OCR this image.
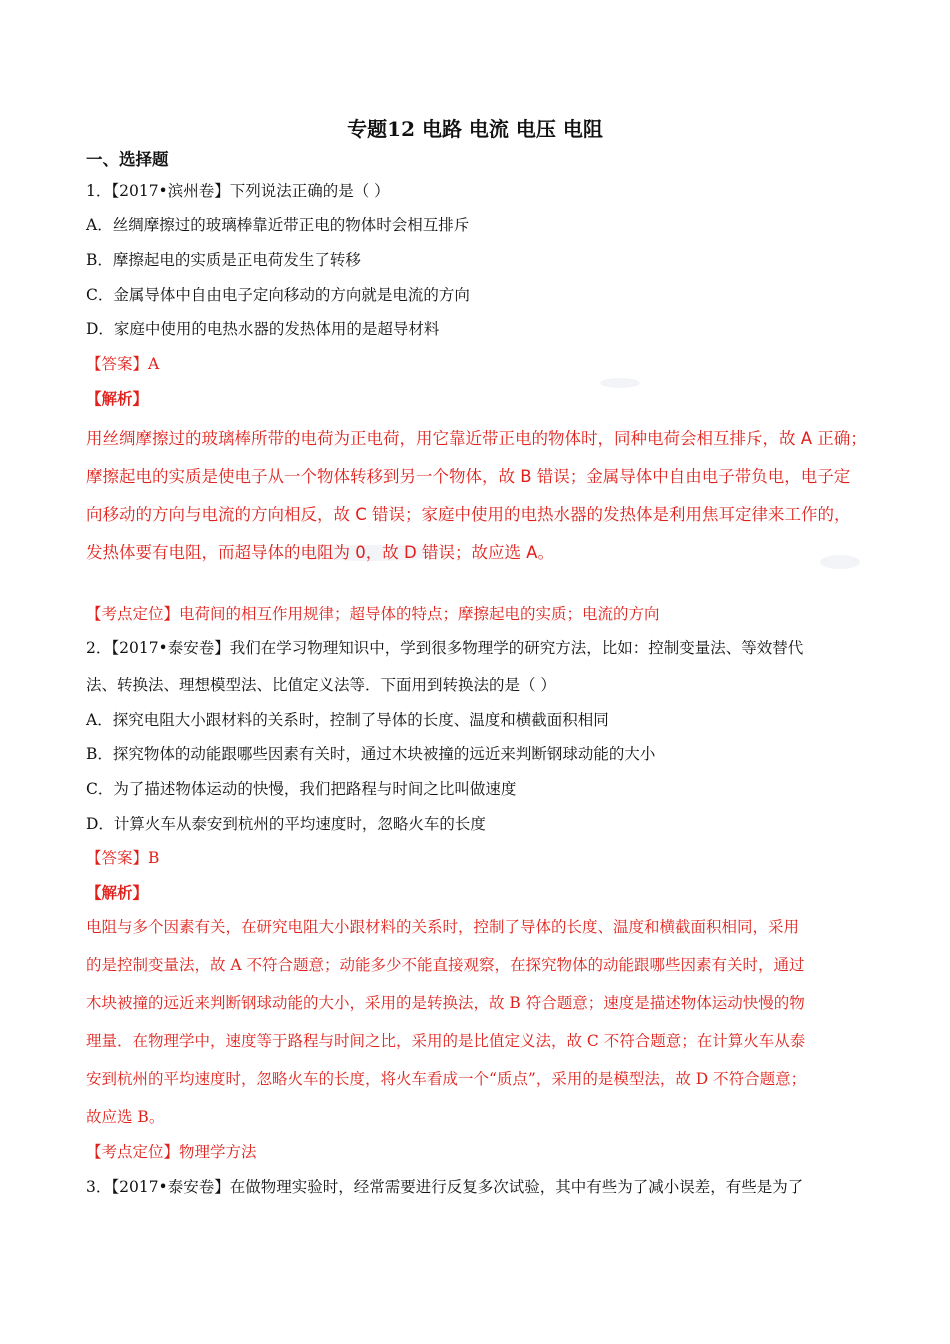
专题12 电路 电流 电压 电阻
一、选择题
1．【2017•滨州卷】下列说法正确的是（ ）
A．丝绸摩擦过的玻璃棒靠近带正电的物体时会相互排斥
B．摩擦起电的实质是正电荷发生了转移
C．金属导体中自由电子定向移动的方向就是电流的方向
D．家庭中使用的电热水器的发热体用的是超导材料
【答案】A
【解析】
用丝绸摩擦过的玻璃棒所带的电荷为正电荷，用它靠近带正电的物体时，同种电荷会相互排斥，故 A 正确；
摩擦起电的实质是使电子从一个物体转移到另一个物体，故 B 错误；金属导体中自由电子带负电，电子定
向移动的方向与电流的方向相反，故 C 错误；家庭中使用的电热水器的发热体是利用焦耳定律来工作的，
发热体要有电阻，而超导体的电阻为 0，故 D 错误；故应选 A。
【考点定位】电荷间的相互作用规律；超导体的特点；摩擦起电的实质；电流的方向
2．【2017•泰安卷】我们在学习物理知识中，学到很多物理学的研究方法，比如：控制变量法、等效替代
法、转换法、理想模型法、比值定义法等．下面用到转换法的是（ ）
A．探究电阻大小跟材料的关系时，控制了导体的长度、温度和横截面积相同
B．探究物体的动能跟哪些因素有关时，通过木块被撞的远近来判断钢球动能的大小
C．为了描述物体运动的快慢，我们把路程与时间之比叫做速度
D．计算火车从泰安到杭州的平均速度时，忽略火车的长度
【答案】B
【解析】
电阻与多个因素有关，在研究电阻大小跟材料的关系时，控制了导体的长度、温度和横截面积相同，采用
的是控制变量法，故 A 不符合题意；动能多少不能直接观察，在探究物体的动能跟哪些因素有关时，通过
木块被撞的远近来判断钢球动能的大小，采用的是转换法，故 B 符合题意；速度是描述物体运动快慢的物
理量．在物理学中，速度等于路程与时间之比，采用的是比值定义法，故 C 不符合题意；在计算火车从泰
安到杭州的平均速度时，忽略火车的长度，将火车看成一个“质点”，采用的是模型法，故 D 不符合题意；
故应选 B。
【考点定位】物理学方法
3．【2017•泰安卷】在做物理实验时，经常需要进行反复多次试验，其中有些为了减小误差，有些是为了
